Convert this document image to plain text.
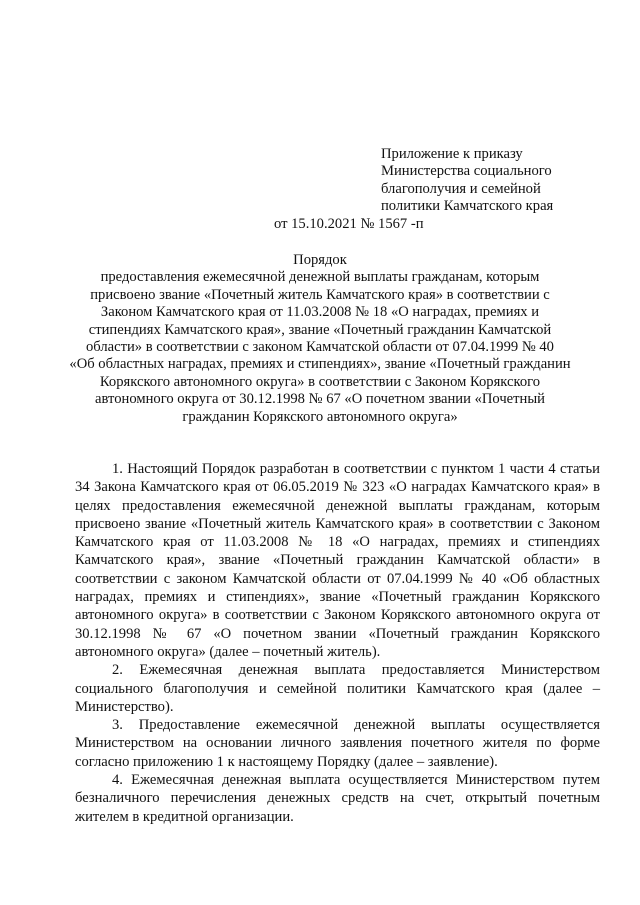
Приложение к приказу
Министерства социального
благополучия и семейной
политики Камчатского края
от 15.10.2021 № 1567 -п
Порядок
предоставления ежемесячной денежной выплаты гражданам, которым
присвоено звание «Почетный житель Камчатского края» в соответствии с
Законом Камчатского края от 11.03.2008 № 18 «О наградах, премиях и
стипендиях Камчатского края», звание «Почетный гражданин Камчатской
области» в соответствии с законом Камчатской области от 07.04.1999 № 40
«Об областных наградах, премиях и стипендиях», звание «Почетный гражданин
Корякского автономного округа» в соответствии с Законом Корякского
автономного округа от 30.12.1998 № 67 «О почетном звании «Почетный
гражданин Корякского автономного округа»

1. Настоящий Порядок разработан в соответствии с пунктом 1 части 4 статьи 34 Закона Камчатского края от 06.05.2019 № 323 «О наградах Камчатского края» в целях предоставления ежемесячной денежной выплаты гражданам, которым присвоено звание «Почетный житель Камчатского края» в соответствии с Законом Камчатского края от 11.03.2008 № 18 «О наградах, премиях и стипендиях Камчатского края», звание «Почетный гражданин Камчатской области» в соответствии с законом Камчатской области от 07.04.1999 № 40 «Об областных наградах, премиях и стипендиях», звание «Почетный гражданин Корякского автономного округа» в соответствии с Законом Корякского автономного округа от 30.12.1998 № 67 «О почетном звании «Почетный гражданин Корякского автономного округа» (далее – почетный житель).

2. Ежемесячная денежная выплата предоставляется Министерством социального благополучия и семейной политики Камчатского края (далее – Министерство).

3. Предоставление ежемесячной денежной выплаты осуществляется Министерством на основании личного заявления почетного жителя по форме согласно приложению 1 к настоящему Порядку (далее – заявление).

4. Ежемесячная денежная выплата осуществляется Министерством путем безналичного перечисления денежных средств на счет, открытый почетным жителем в кредитной организации.
